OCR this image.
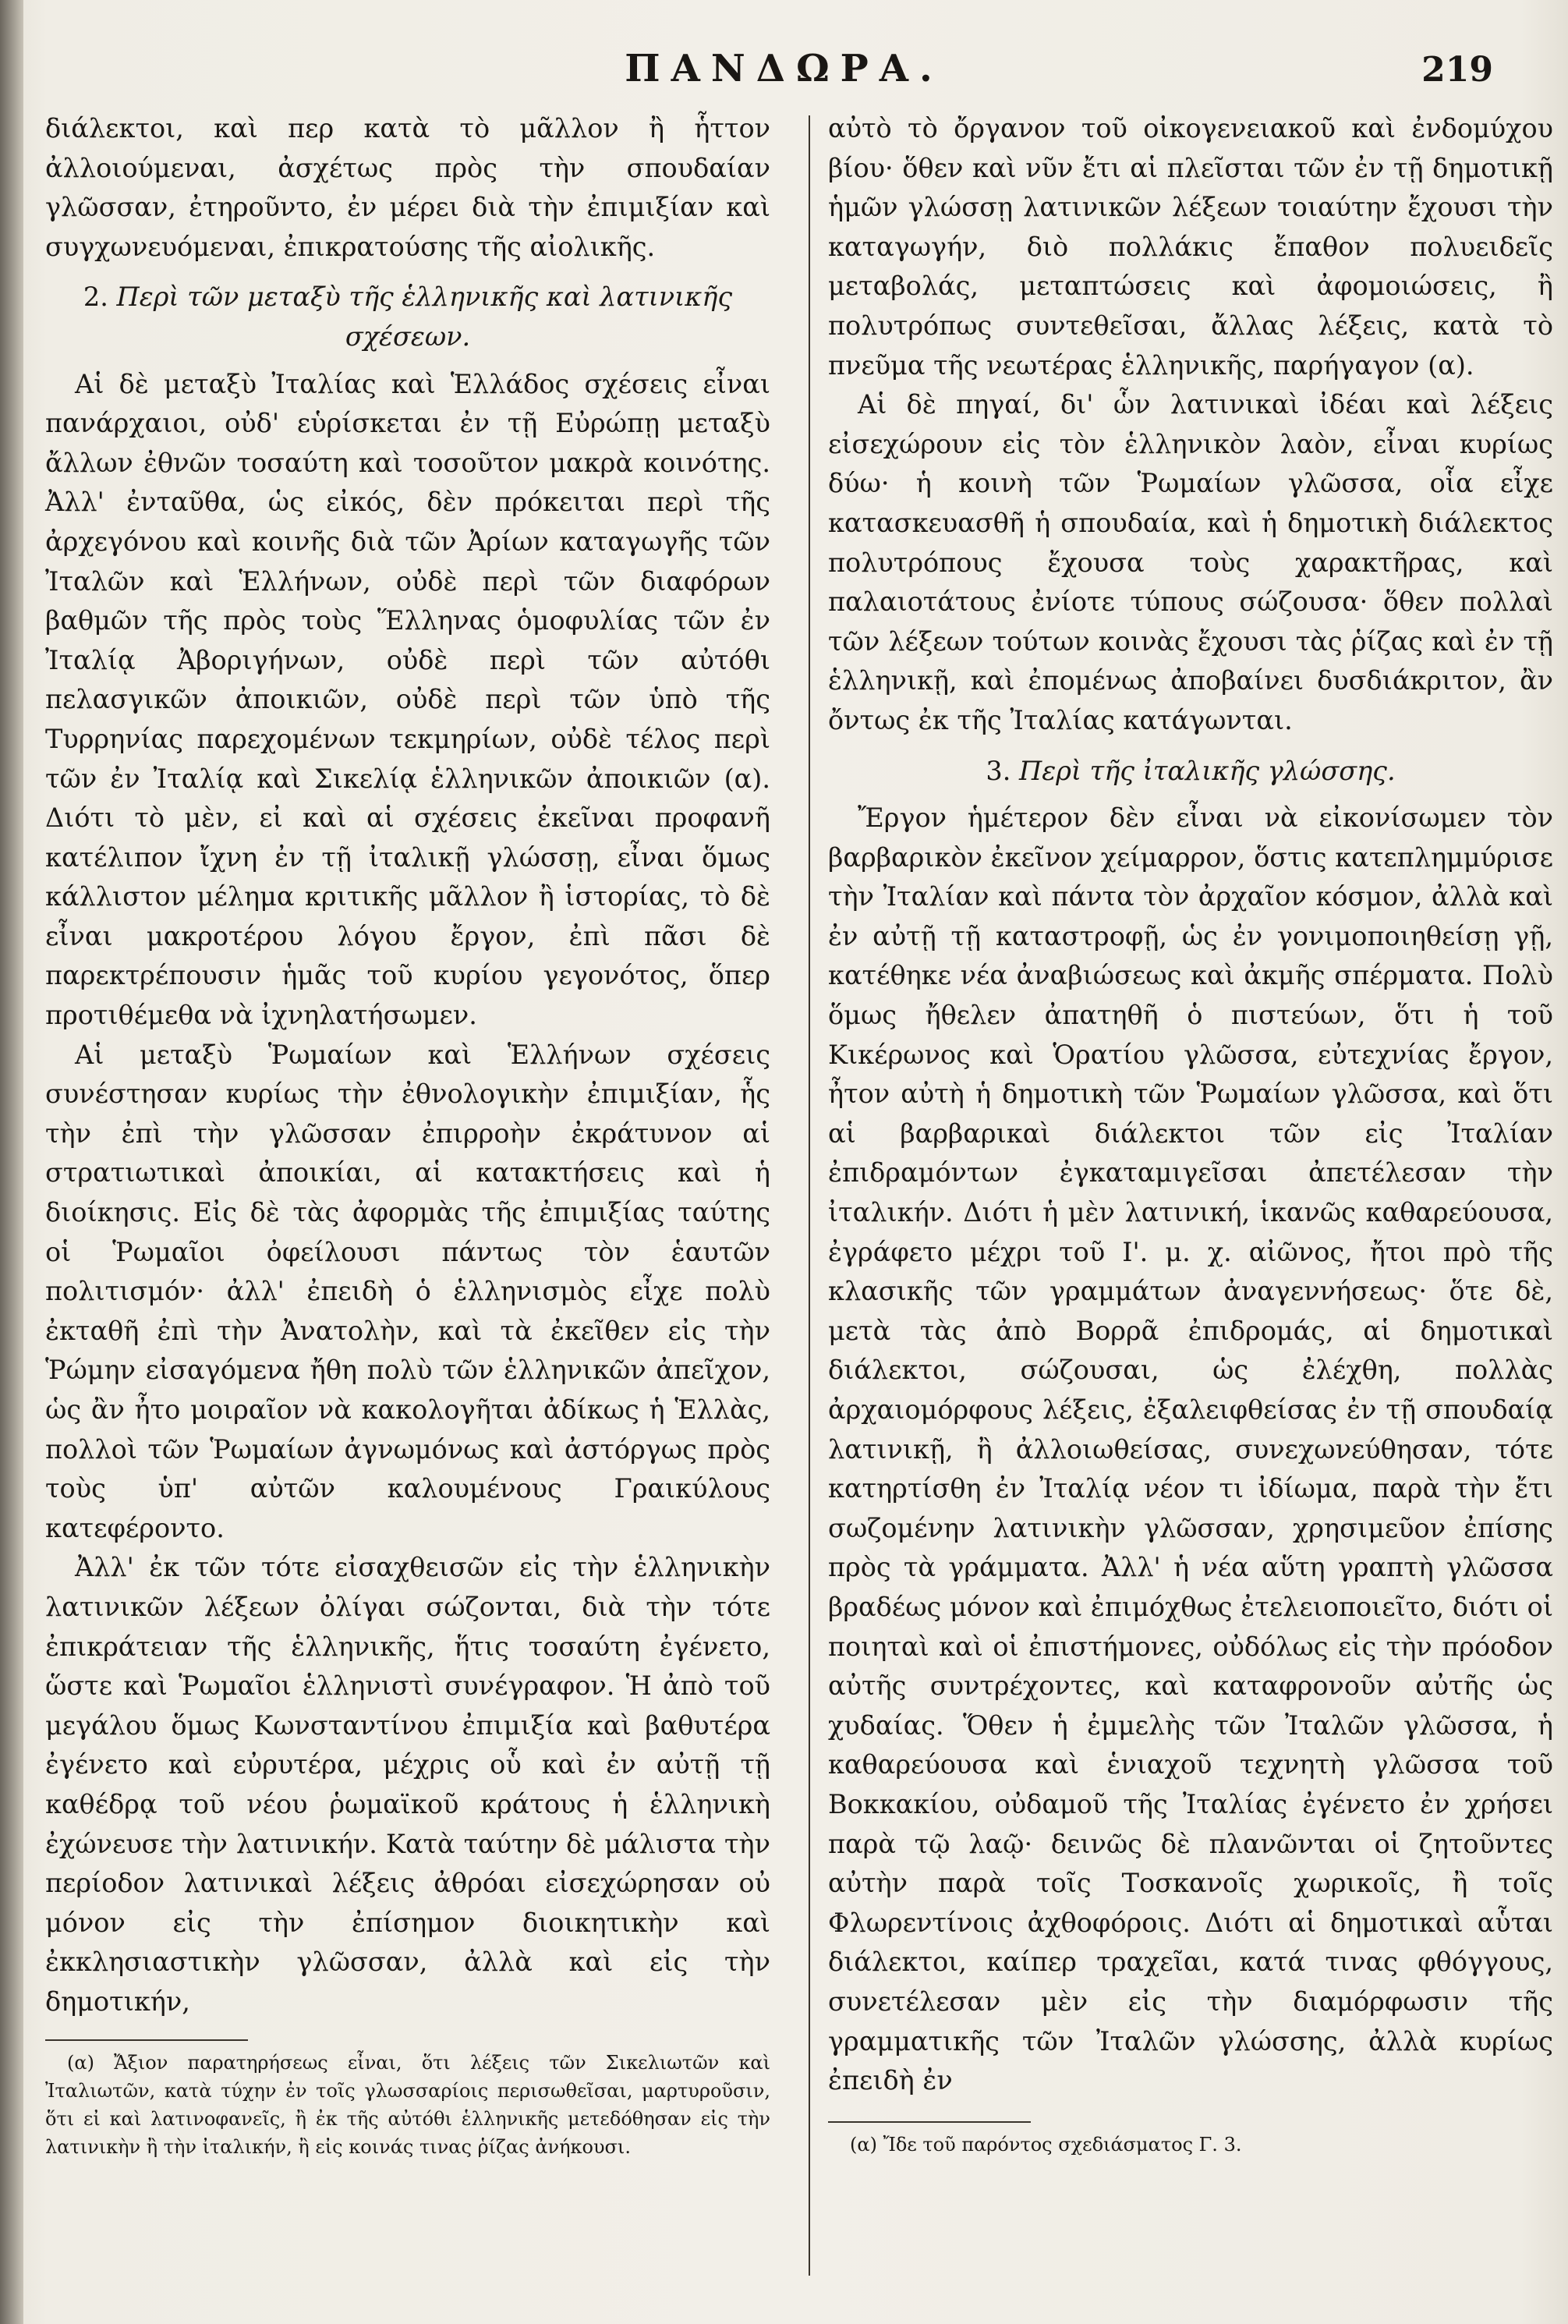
ΠΑΝΔΩΡΑ.	219

διάλεκτοι, καὶ περ κατὰ τὸ μᾶλλον ἢ ἧττον ἀλλοιούμεναι, ἀσχέτως πρὸς τὴν σπουδαίαν γλῶσσαν, ἐτηροῦντο, ἐν μέρει διὰ τὴν ἐπιμιξίαν καὶ συγχωνευόμεναι, ἐπικρατούσης τῆς αἰολικῆς.

2. Περὶ τῶν μεταξὺ τῆς ἑλληνικῆς καὶ λατινικῆς σχέσεων.

Αἱ δὲ μεταξὺ Ἰταλίας καὶ Ἑλλάδος σχέσεις εἶναι πανάρχαιοι, οὐδ' εὑρίσκεται ἐν τῇ Εὐρώπῃ μεταξὺ ἄλλων ἐθνῶν τοσαύτη καὶ τοσοῦτον μακρὰ κοινότης. Ἀλλ' ἐνταῦθα, ὡς εἰκός, δὲν πρόκειται περὶ τῆς ἀρχεγόνου καὶ κοινῆς διὰ τῶν Ἀρίων καταγωγῆς τῶν Ἰταλῶν καὶ Ἑλλήνων, οὐδὲ περὶ τῶν διαφόρων βαθμῶν τῆς πρὸς τοὺς Ἕλληνας ὁμοφυλίας τῶν ἐν Ἰταλίᾳ Ἀβοριγήνων, οὐδὲ περὶ τῶν αὐτόθι πελασγικῶν ἀποικιῶν, οὐδὲ περὶ τῶν ὑπὸ τῆς Τυρρηνίας παρεχομένων τεκμηρίων, οὐδὲ τέλος περὶ τῶν ἐν Ἰταλίᾳ καὶ Σικελίᾳ ἑλληνικῶν ἀποικιῶν (α). Διότι τὸ μὲν, εἰ καὶ αἱ σχέσεις ἐκεῖναι προφανῆ κατέλιπον ἴχνη ἐν τῇ ἰταλικῇ γλώσσῃ, εἶναι ὅμως κάλλιστον μέλημα κριτικῆς μᾶλλον ἢ ἱστορίας, τὸ δὲ εἶναι μακροτέρου λόγου ἔργον, ἐπὶ πᾶσι δὲ παρεκτρέπουσιν ἡμᾶς τοῦ κυρίου γεγονότος, ὅπερ προτιθέμεθα νὰ ἰχνηλατήσωμεν.

Αἱ μεταξὺ Ῥωμαίων καὶ Ἑλλήνων σχέσεις συνέστησαν κυρίως τὴν ἐθνολογικὴν ἐπιμιξίαν, ἧς τὴν ἐπὶ τὴν γλῶσσαν ἐπιρροὴν ἐκράτυνον αἱ στρατιωτικαὶ ἀποικίαι, αἱ κατακτήσεις καὶ ἡ διοίκησις. Εἰς δὲ τὰς ἀφορμὰς τῆς ἐπιμιξίας ταύτης οἱ Ῥωμαῖοι ὀφείλουσι πάντως τὸν ἑαυτῶν πολιτισμόν· ἀλλ' ἐπειδὴ ὁ ἑλληνισμὸς εἶχε πολὺ ἐκταθῆ ἐπὶ τὴν Ἀνατολὴν, καὶ τὰ ἐκεῖθεν εἰς τὴν Ῥώμην εἰσαγόμενα ἤθη πολὺ τῶν ἑλληνικῶν ἀπεῖχον, ὡς ἂν ἦτο μοιραῖον νὰ κακολογῆται ἀδίκως ἡ Ἑλλὰς, πολλοὶ τῶν Ῥωμαίων ἀγνωμόνως καὶ ἀστόργως πρὸς τοὺς ὑπ' αὐτῶν καλουμένους Γραικύλους κατεφέροντο.

Ἀλλ' ἐκ τῶν τότε εἰσαχθεισῶν εἰς τὴν ἑλληνικὴν λατινικῶν λέξεων ὀλίγαι σώζονται, διὰ τὴν τότε ἐπικράτειαν τῆς ἑλληνικῆς, ἥτις τοσαύτη ἐγένετο, ὥστε καὶ Ῥωμαῖοι ἑλληνιστὶ συνέγραφον. Ἡ ἀπὸ τοῦ μεγάλου ὅμως Κωνσταντίνου ἐπιμιξία καὶ βαθυτέρα ἐγένετο καὶ εὐρυτέρα, μέχρις οὗ καὶ ἐν αὐτῇ τῇ καθέδρᾳ τοῦ νέου ῥωμαϊκοῦ κράτους ἡ ἑλληνικὴ ἐχώνευσε τὴν λατινικήν. Κατὰ ταύτην δὲ μάλιστα τὴν περίοδον λατινικαὶ λέξεις ἀθρόαι εἰσεχώρησαν οὐ μόνον εἰς τὴν ἐπίσημον διοικητικὴν καὶ ἐκκλησιαστικὴν γλῶσσαν, ἀλλὰ καὶ εἰς τὴν δημοτικήν,

(α) Ἄξιον παρατηρήσεως εἶναι, ὅτι λέξεις τῶν Σικελιωτῶν καὶ Ἰταλιωτῶν, κατὰ τύχην ἐν τοῖς γλωσσαρίοις περισωθεῖσαι, μαρτυροῦσιν, ὅτι εἰ καὶ λατινοφανεῖς, ἢ ἐκ τῆς αὐτόθι ἑλληνικῆς μετεδόθησαν εἰς τὴν λατινικὴν ἢ τὴν ἰταλικήν, ἢ εἰς κοινάς τινας ῥίζας ἀνήκουσι.

αὐτὸ τὸ ὄργανον τοῦ οἰκογενειακοῦ καὶ ἐνδομύχου βίου· ὅθεν καὶ νῦν ἔτι αἱ πλεῖσται τῶν ἐν τῇ δημοτικῇ ἡμῶν γλώσσῃ λατινικῶν λέξεων τοιαύτην ἔχουσι τὴν καταγωγήν, διὸ πολλάκις ἔπαθον πολυειδεῖς μεταβολάς, μεταπτώσεις καὶ ἀφομοιώσεις, ἢ πολυτρόπως συντεθεῖσαι, ἄλλας λέξεις, κατὰ τὸ πνεῦμα τῆς νεωτέρας ἑλληνικῆς, παρήγαγον (α).

Αἱ δὲ πηγαί, δι' ὧν λατινικαὶ ἰδέαι καὶ λέξεις εἰσεχώρουν εἰς τὸν ἑλληνικὸν λαὸν, εἶναι κυρίως δύω· ἡ κοινὴ τῶν Ῥωμαίων γλῶσσα, οἷα εἶχε κατασκευασθῆ ἡ σπουδαία, καὶ ἡ δημοτικὴ διάλεκτος πολυτρόπους ἔχουσα τοὺς χαρακτῆρας, καὶ παλαιοτάτους ἐνίοτε τύπους σώζουσα· ὅθεν πολλαὶ τῶν λέξεων τούτων κοινὰς ἔχουσι τὰς ῥίζας καὶ ἐν τῇ ἑλληνικῇ, καὶ ἐπομένως ἀποβαίνει δυσδιάκριτον, ἂν ὄντως ἐκ τῆς Ἰταλίας κατάγωνται.

3. Περὶ τῆς ἰταλικῆς γλώσσης.

Ἔργον ἡμέτερον δὲν εἶναι νὰ εἰκονίσωμεν τὸν βαρβαρικὸν ἐκεῖνον χείμαρρον, ὅστις κατεπλημμύρισε τὴν Ἰταλίαν καὶ πάντα τὸν ἀρχαῖον κόσμον, ἀλλὰ καὶ ἐν αὐτῇ τῇ καταστροφῇ, ὡς ἐν γονιμοποιηθείσῃ γῇ, κατέθηκε νέα ἀναβιώσεως καὶ ἀκμῆς σπέρματα. Πολὺ ὅμως ἤθελεν ἀπατηθῆ ὁ πιστεύων, ὅτι ἡ τοῦ Κικέρωνος καὶ Ὁρατίου γλῶσσα, εὐτεχνίας ἔργον, ἦτον αὐτὴ ἡ δημοτικὴ τῶν Ῥωμαίων γλῶσσα, καὶ ὅτι αἱ βαρβαρικαὶ διάλεκτοι τῶν εἰς Ἰταλίαν ἐπιδραμόντων ἐγκαταμιγεῖσαι ἀπετέλεσαν τὴν ἰταλικήν. Διότι ἡ μὲν λατινική, ἱκανῶς καθαρεύουσα, ἐγράφετο μέχρι τοῦ Ι'. μ. χ. αἰῶνος, ἤτοι πρὸ τῆς κλασικῆς τῶν γραμμάτων ἀναγεννήσεως· ὅτε δὲ, μετὰ τὰς ἀπὸ Βορρᾶ ἐπιδρομάς, αἱ δημοτικαὶ διάλεκτοι, σώζουσαι, ὡς ἐλέχθη, πολλὰς ἀρχαιομόρφους λέξεις, ἐξαλειφθείσας ἐν τῇ σπουδαίᾳ λατινικῇ, ἢ ἀλλοιωθείσας, συνεχωνεύθησαν, τότε κατηρτίσθη ἐν Ἰταλίᾳ νέον τι ἰδίωμα, παρὰ τὴν ἔτι σωζομένην λατινικὴν γλῶσσαν, χρησιμεῦον ἐπίσης πρὸς τὰ γράμματα. Ἀλλ' ἡ νέα αὕτη γραπτὴ γλῶσσα βραδέως μόνον καὶ ἐπιμόχθως ἐτελειοποιεῖτο, διότι οἱ ποιηταὶ καὶ οἱ ἐπιστήμονες, οὐδόλως εἰς τὴν πρόοδον αὐτῆς συντρέχοντες, καὶ καταφρονοῦν αὐτῆς ὡς χυδαίας. Ὅθεν ἡ ἐμμελὴς τῶν Ἰταλῶν γλῶσσα, ἡ καθαρεύουσα καὶ ἑνιαχοῦ τεχνητὴ γλῶσσα τοῦ Βοκκακίου, οὐδαμοῦ τῆς Ἰταλίας ἐγένετο ἐν χρήσει παρὰ τῷ λαῷ· δεινῶς δὲ πλανῶνται οἱ ζητοῦντες αὐτὴν παρὰ τοῖς Τοσκανοῖς χωρικοῖς, ἢ τοῖς Φλωρεντίνοις ἀχθοφόροις. Διότι αἱ δημοτικαὶ αὗται διάλεκτοι, καίπερ τραχεῖαι, κατά τινας φθόγγους, συνετέλεσαν μὲν εἰς τὴν διαμόρφωσιν τῆς γραμματικῆς τῶν Ἰταλῶν γλώσσης, ἀλλὰ κυρίως ἐπειδὴ ἐν

(α) Ἴδε τοῦ παρόντος σχεδιάσματος Γ. 3.
